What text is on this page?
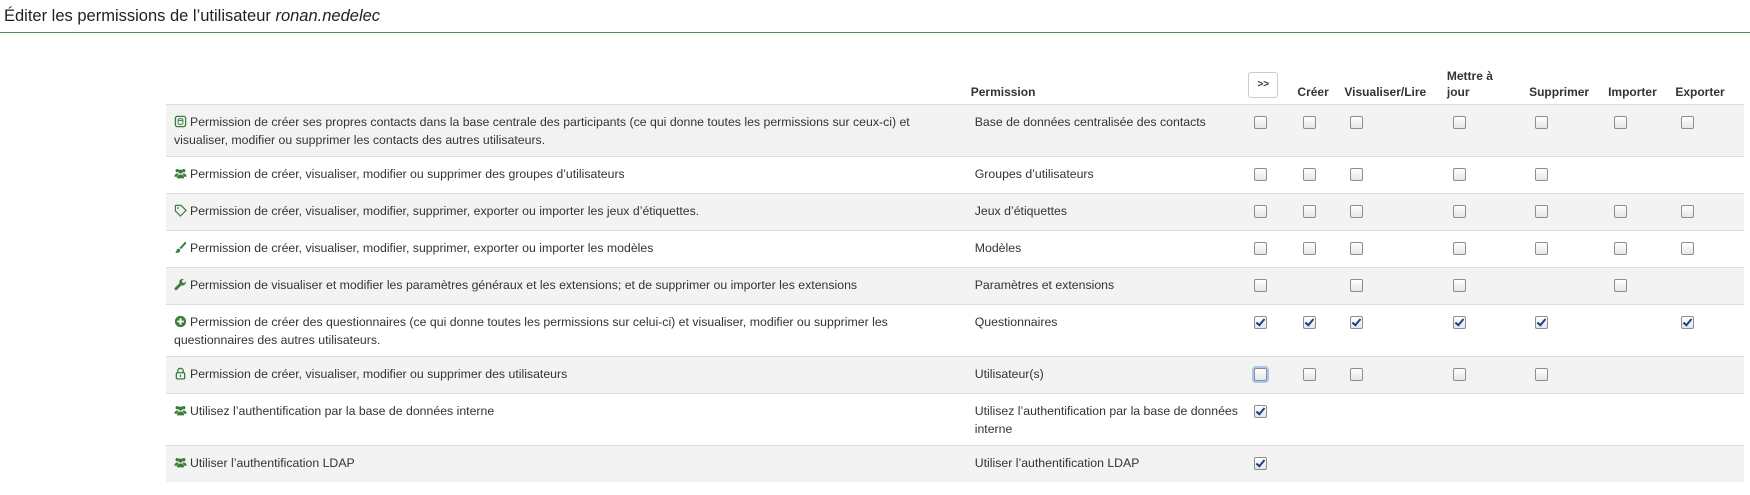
Éditer les permissions de l’utilisateur ronan.nedelec
	Permission	>>	Créer	Visualiser/Lire	Mettre à jour	Supprimer	Importer	Exporter

Permission de créer ses propres contacts dans la base centrale des participants (ce qui donne toutes les permissions sur ceux-ci) et visualiser, modifier ou supprimer les contacts des autres utilisateurs.	Base de données centralisée des contacts							

Permission de créer, visualiser, modifier ou supprimer des groupes d’utilisateurs	Groupes d’utilisateurs							

Permission de créer, visualiser, modifier, supprimer, exporter ou importer les jeux d’étiquettes.	Jeux d’étiquettes							

Permission de créer, visualiser, modifier, supprimer, exporter ou importer les modèles	Modèles							

Permission de visualiser et modifier les paramètres généraux et les extensions; et de supprimer ou importer les extensions	Paramètres et extensions							

Permission de créer des questionnaires (ce qui donne toutes les permissions sur celui-ci) et visualiser, modifier ou supprimer les questionnaires des autres utilisateurs.	Questionnaires							

Permission de créer, visualiser, modifier ou supprimer des utilisateurs	Utilisateur(s)							

Utilisez l’authentification par la base de données interne	Utilisez l’authentification par la base de données interne							

Utiliser l’authentification LDAP	Utiliser l’authentification LDAP							
